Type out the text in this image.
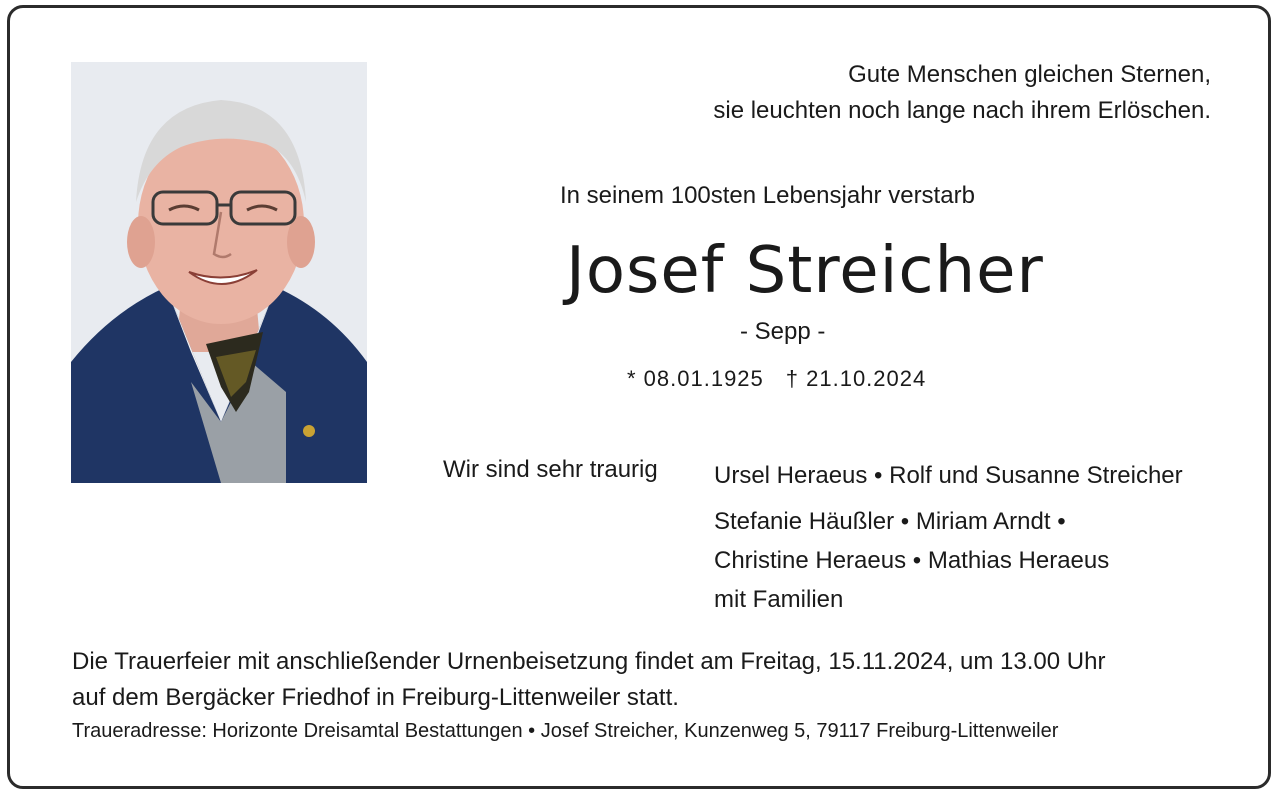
Gute Menschen gleichen Sternen,
sie leuchten noch lange nach ihrem Erlöschen.
In seinem 100sten Lebensjahr verstarb
Josef Streicher
- Sepp -
* 08.01.1925 † 21.10.2024
Wir sind sehr traurig Ursel Heraeus • Rolf und Susanne Streicher
Stefanie Häußler • Miriam Arndt •
Christine Heraeus • Mathias Heraeus
mit Familien
Die Trauerfeier mit anschließender Urnenbeisetzung findet am Freitag, 15.11.2024, um 13.00 Uhr
auf dem Bergäcker Friedhof in Freiburg-Littenweiler statt.
Traueradresse: Horizonte Dreisamtal Bestattungen • Josef Streicher, Kunzenweg 5, 79117 Freiburg-Littenweiler
